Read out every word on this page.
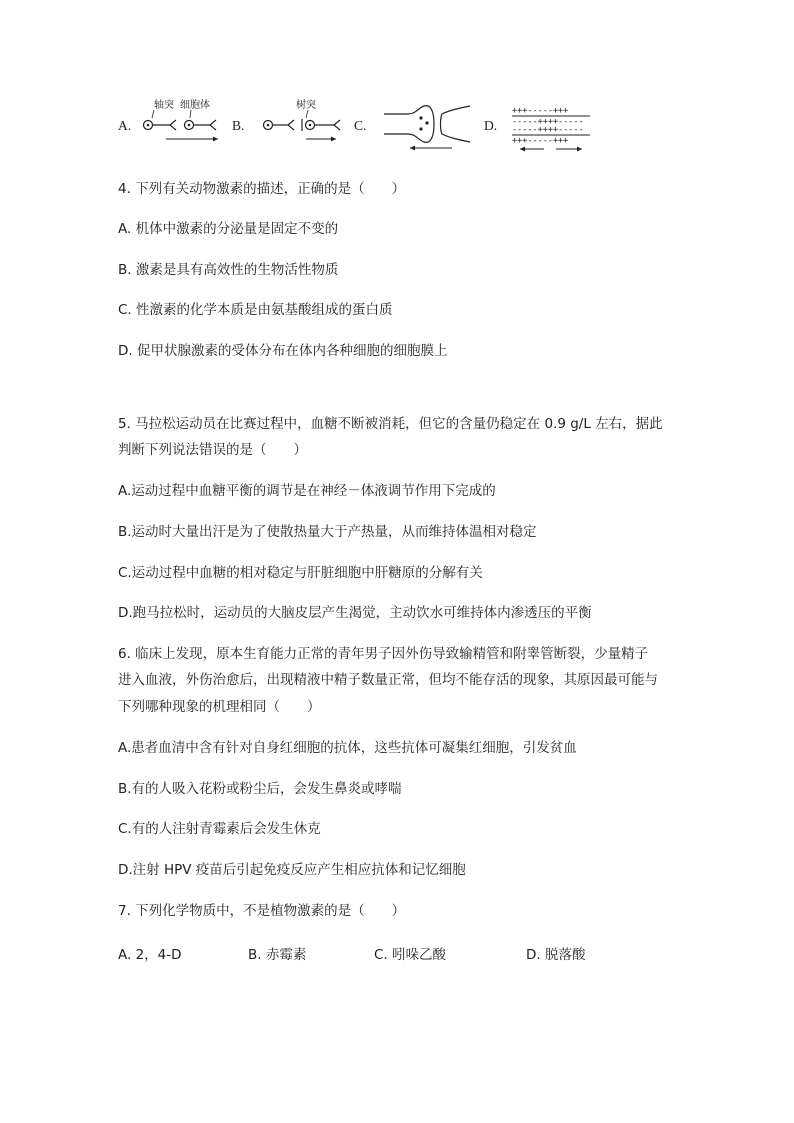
A.
轴突 细胞体
B.
树突
C.	D.
+++-----+++
-----++++-----
-----++++-----
+++-----+++
4. 下列有关动物激素的描述，正确的是（　　）
A. 机体中激素的分泌量是固定不变的
B. 激素是具有高效性的生物活性物质
C. 性激素的化学本质是由氨基酸组成的蛋白质
D. 促甲状腺激素的受体分布在体内各种细胞的细胞膜上
5. 马拉松运动员在比赛过程中，血糖不断被消耗，但它的含量仍稳定在 0.9 g/L 左右，据此
判断下列说法错误的是（　　）
A.运动过程中血糖平衡的调节是在神经－体液调节作用下完成的
B.运动时大量出汗是为了使散热量大于产热量，从而维持体温相对稳定
C.运动过程中血糖的相对稳定与肝脏细胞中肝糖原的分解有关
D.跑马拉松时，运动员的大脑皮层产生渴觉，主动饮水可维持体内渗透压的平衡
6. 临床上发现，原本生育能力正常的青年男子因外伤导致输精管和附睾管断裂，少量精子
进入血液，外伤治愈后，出现精液中精子数量正常，但均不能存活的现象，其原因最可能与
下列哪种现象的机理相同（　　）
A.患者血清中含有针对自身红细胞的抗体，这些抗体可凝集红细胞，引发贫血
B.有的人吸入花粉或粉尘后，会发生鼻炎或哮喘
C.有的人注射青霉素后会发生休克
D.注射 HPV 疫苗后引起免疫反应产生相应抗体和记忆细胞
7. 下列化学物质中，不是植物激素的是（　　）
A. 2，4-D	B. 赤霉素	C. 吲哚乙酸	D. 脱落酸
